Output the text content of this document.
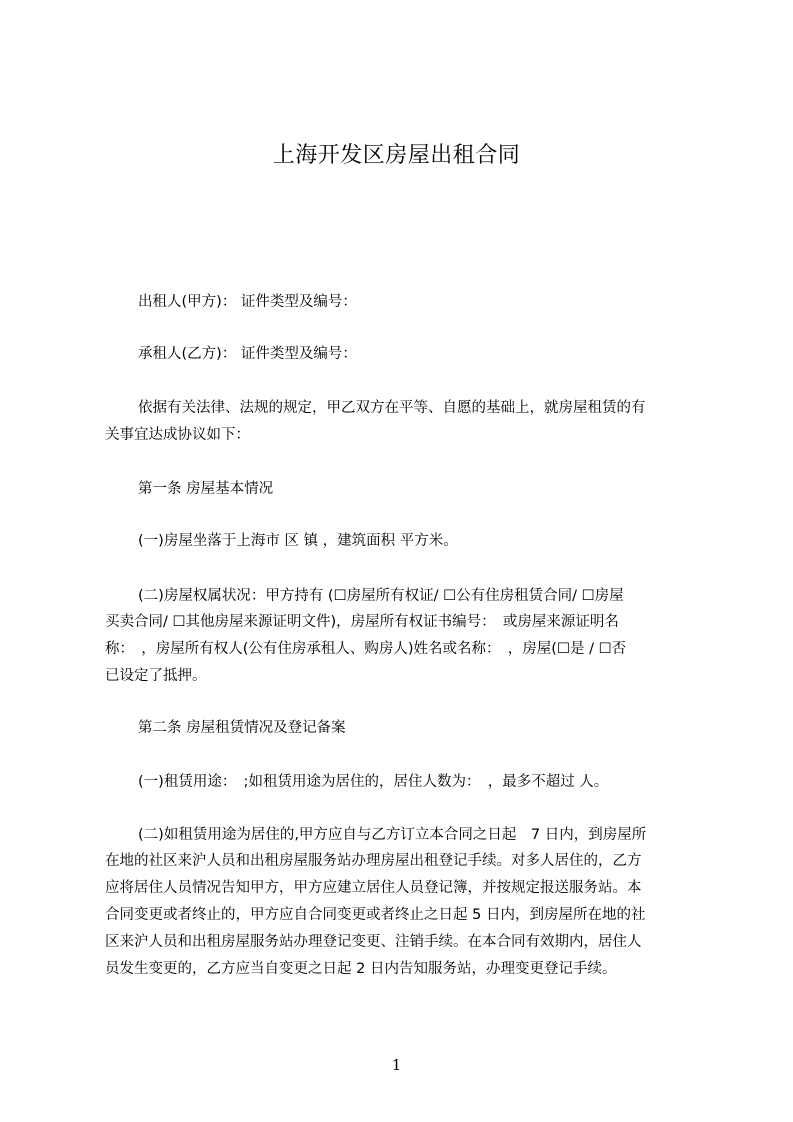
上海开发区房屋出租合同
出租人(甲方)： 证件类型及编号：
承租人(乙方)： 证件类型及编号：
依据有关法律、法规的规定，甲乙双方在平等、自愿的基础上，就房屋租赁的有
关事宜达成协议如下：
第一条 房屋基本情况
(一)房屋坐落于上海市 区 镇 ，建筑面积 平方米。
(二)房屋权属状况：甲方持有 (☐房屋所有权证/ ☐公有住房租赁合同/ ☐房屋
买卖合同/ ☐其他房屋来源证明文件)，房屋所有权证书编号：　或房屋来源证明名
称：　，房屋所有权人(公有住房承租人、购房人)姓名或名称：　，房屋(☐是 / ☐否
已设定了抵押。
第二条 房屋租赁情况及登记备案
(一)租赁用途：　;如租赁用途为居住的，居住人数为：　，最多不超过 人。
(二)如租赁用途为居住的,甲方应自与乙方订立本合同之日起　7 日内，到房屋所
在地的社区来沪人员和出租房屋服务站办理房屋出租登记手续。对多人居住的，乙方
应将居住人员情况告知甲方，甲方应建立居住人员登记簿，并按规定报送服务站。本
合同变更或者终止的，甲方应自合同变更或者终止之日起 5 日内，到房屋所在地的社
区来沪人员和出租房屋服务站办理登记变更、注销手续。在本合同有效期内，居住人
员发生变更的，乙方应当自变更之日起 2 日内告知服务站，办理变更登记手续。
1
